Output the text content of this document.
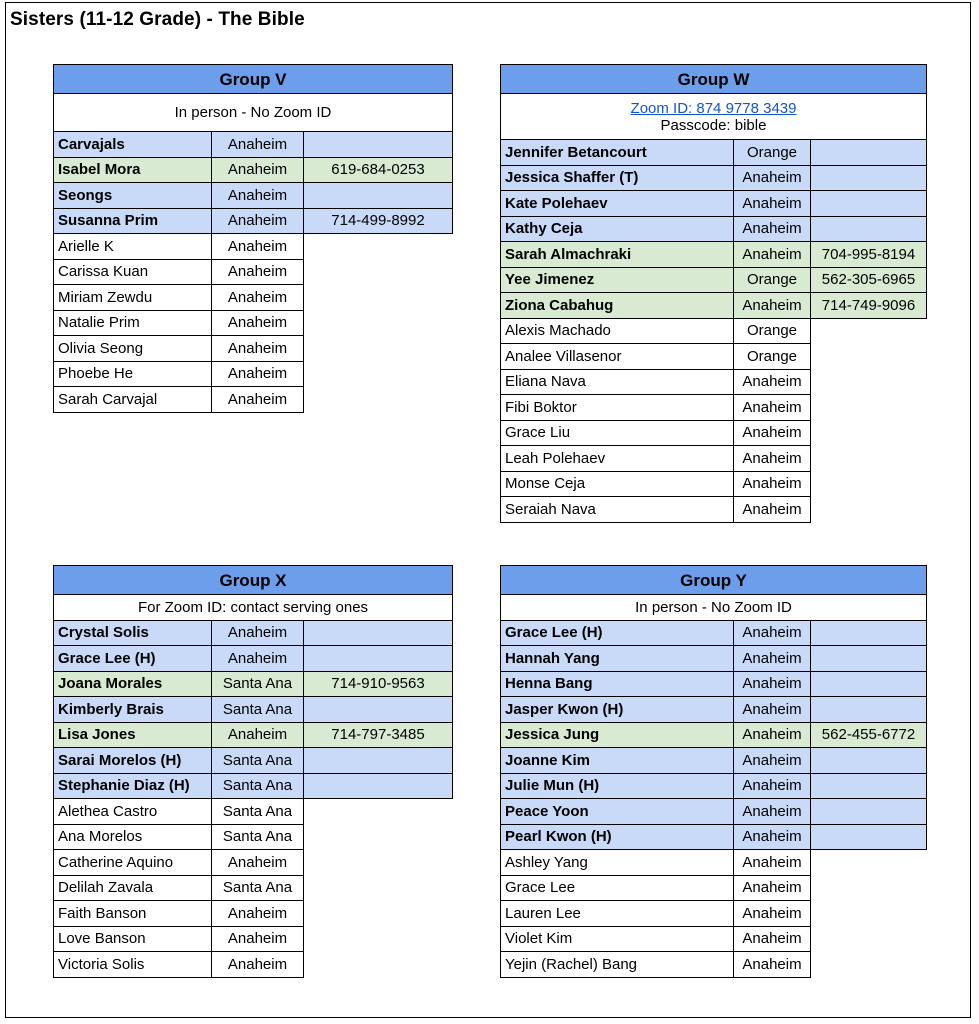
Sisters (11-12 Grade) - The Bible
Group V		

In person - No Zoom ID		

Carvajals	Anaheim	
Isabel Mora	Anaheim	619-684-0253
Seongs	Anaheim	
Susanna Prim	Anaheim	714-499-8992
Arielle K	Anaheim	
Carissa Kuan	Anaheim	
Miriam Zewdu	Anaheim	
Natalie Prim	Anaheim	
Olivia Seong	Anaheim	
Phoebe He	Anaheim	
Sarah Carvajal	Anaheim	
Group W		

Zoom ID: 874 9778 3439
Passcode: bible		

Jennifer Betancourt	Orange	
Jessica Shaffer (T)	Anaheim	
Kate Polehaev	Anaheim	
Kathy Ceja	Anaheim	
Sarah Almachraki	Anaheim	704-995-8194
Yee Jimenez	Orange	562-305-6965
Ziona Cabahug	Anaheim	714-749-9096
Alexis Machado	Orange	
Analee Villasenor	Orange	
Eliana Nava	Anaheim	
Fibi Boktor	Anaheim	
Grace Liu	Anaheim	
Leah Polehaev	Anaheim	
Monse Ceja	Anaheim	
Seraiah Nava	Anaheim	
Group X		

For Zoom ID: contact serving ones		

Crystal Solis	Anaheim	
Grace Lee (H)	Anaheim	
Joana Morales	Santa Ana	714-910-9563
Kimberly Brais	Santa Ana	
Lisa Jones	Anaheim	714-797-3485
Sarai Morelos (H)	Santa Ana	
Stephanie Diaz (H)	Santa Ana	
Alethea Castro	Santa Ana	
Ana Morelos	Santa Ana	
Catherine Aquino	Anaheim	
Delilah Zavala	Santa Ana	
Faith Banson	Anaheim	
Love Banson	Anaheim	
Victoria Solis	Anaheim	
Group Y		

In person - No Zoom ID		

Grace Lee (H)	Anaheim	
Hannah Yang	Anaheim	
Henna Bang	Anaheim	
Jasper Kwon (H)	Anaheim	
Jessica Jung	Anaheim	562-455-6772
Joanne Kim	Anaheim	
Julie Mun (H)	Anaheim	
Peace Yoon	Anaheim	
Pearl Kwon (H)	Anaheim	
Ashley Yang	Anaheim	
Grace Lee	Anaheim	
Lauren Lee	Anaheim	
Violet Kim	Anaheim	
Yejin (Rachel) Bang	Anaheim	
